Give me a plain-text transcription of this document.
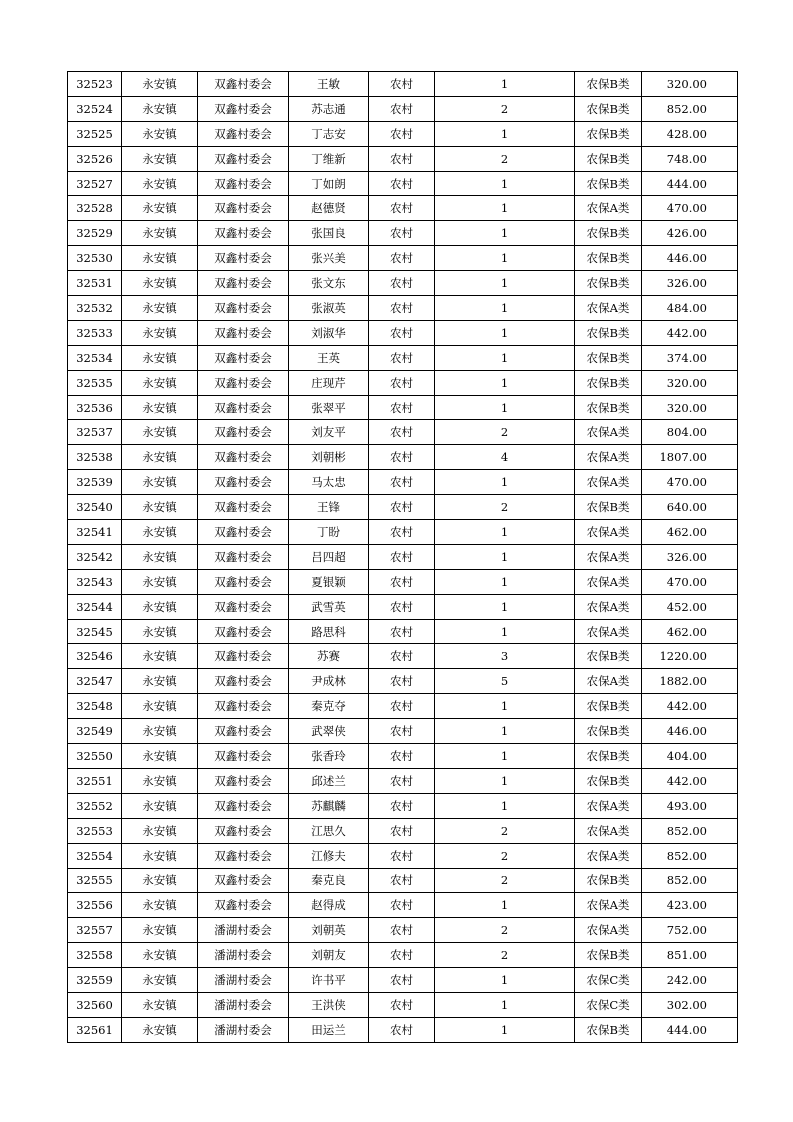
32523	永安镇	双鑫村委会	王敏	农村	1	农保B类	320.00
32524	永安镇	双鑫村委会	苏志通	农村	2	农保B类	852.00
32525	永安镇	双鑫村委会	丁志安	农村	1	农保B类	428.00
32526	永安镇	双鑫村委会	丁维新	农村	2	农保B类	748.00
32527	永安镇	双鑫村委会	丁如朗	农村	1	农保B类	444.00
32528	永安镇	双鑫村委会	赵德贤	农村	1	农保A类	470.00
32529	永安镇	双鑫村委会	张国良	农村	1	农保B类	426.00
32530	永安镇	双鑫村委会	张兴美	农村	1	农保B类	446.00
32531	永安镇	双鑫村委会	张文东	农村	1	农保B类	326.00
32532	永安镇	双鑫村委会	张淑英	农村	1	农保A类	484.00
32533	永安镇	双鑫村委会	刘淑华	农村	1	农保B类	442.00
32534	永安镇	双鑫村委会	王英	农村	1	农保B类	374.00
32535	永安镇	双鑫村委会	庄现芹	农村	1	农保B类	320.00
32536	永安镇	双鑫村委会	张翠平	农村	1	农保B类	320.00
32537	永安镇	双鑫村委会	刘友平	农村	2	农保A类	804.00
32538	永安镇	双鑫村委会	刘朝彬	农村	4	农保A类	1807.00
32539	永安镇	双鑫村委会	马太忠	农村	1	农保A类	470.00
32540	永安镇	双鑫村委会	王锋	农村	2	农保B类	640.00
32541	永安镇	双鑫村委会	丁盼	农村	1	农保A类	462.00
32542	永安镇	双鑫村委会	吕四超	农村	1	农保A类	326.00
32543	永安镇	双鑫村委会	夏银颖	农村	1	农保A类	470.00
32544	永安镇	双鑫村委会	武雪英	农村	1	农保A类	452.00
32545	永安镇	双鑫村委会	路思科	农村	1	农保A类	462.00
32546	永安镇	双鑫村委会	苏赛	农村	3	农保B类	1220.00
32547	永安镇	双鑫村委会	尹成林	农村	5	农保A类	1882.00
32548	永安镇	双鑫村委会	秦克夺	农村	1	农保B类	442.00
32549	永安镇	双鑫村委会	武翠侠	农村	1	农保B类	446.00
32550	永安镇	双鑫村委会	张香玲	农村	1	农保B类	404.00
32551	永安镇	双鑫村委会	邱述兰	农村	1	农保B类	442.00
32552	永安镇	双鑫村委会	苏麒麟	农村	1	农保A类	493.00
32553	永安镇	双鑫村委会	江思久	农村	2	农保A类	852.00
32554	永安镇	双鑫村委会	江修夫	农村	2	农保A类	852.00
32555	永安镇	双鑫村委会	秦克良	农村	2	农保B类	852.00
32556	永安镇	双鑫村委会	赵得成	农村	1	农保A类	423.00
32557	永安镇	潘湖村委会	刘朝英	农村	2	农保A类	752.00
32558	永安镇	潘湖村委会	刘朝友	农村	2	农保B类	851.00
32559	永安镇	潘湖村委会	许书平	农村	1	农保C类	242.00
32560	永安镇	潘湖村委会	王洪侠	农村	1	农保C类	302.00
32561	永安镇	潘湖村委会	田运兰	农村	1	农保B类	444.00
